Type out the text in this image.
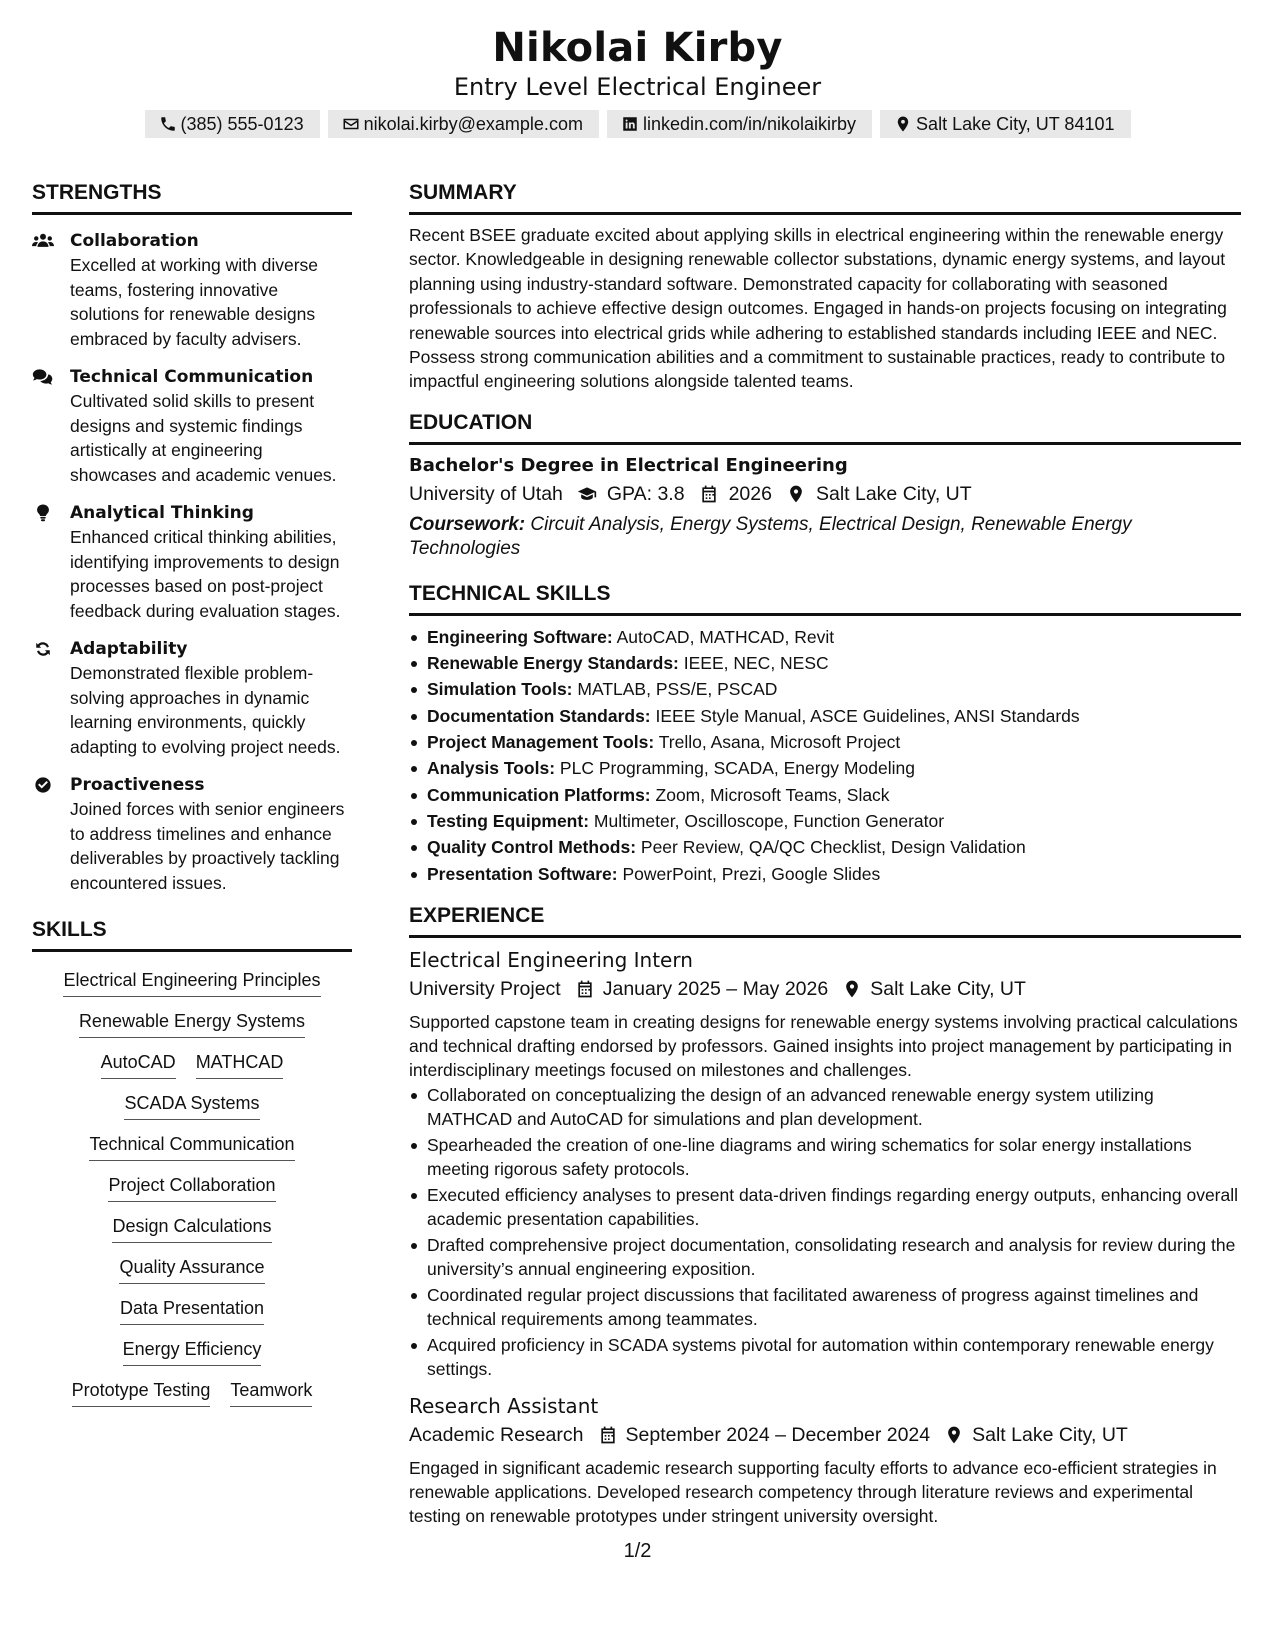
Nikolai Kirby
Entry Level Electrical Engineer
(385) 555-0123	nikolai.kirby@example.com	linkedin.com/in/nikolaikirby	Salt Lake City, UT 84101
STRENGTHS
Collaboration
Excelled at working with diverse teams, fostering innovative solutions for renewable designs embraced by faculty advisers.
Technical Communication
Cultivated solid skills to present designs and systemic findings artistically at engineering showcases and academic venues.
Analytical Thinking
Enhanced critical thinking abilities, identifying improvements to design processes based on post-project feedback during evaluation stages.
Adaptability
Demonstrated flexible problem-solving approaches in dynamic learning environments, quickly adapting to evolving project needs.
Proactiveness
Joined forces with senior engineers to address timelines and enhance deliverables by proactively tackling encountered issues.
SKILLS
Electrical Engineering Principles
Renewable Energy Systems
AutoCAD MATHCAD
SCADA Systems
Technical Communication
Project Collaboration
Design Calculations
Quality Assurance
Data Presentation
Energy Efficiency
Prototype Testing Teamwork
SUMMARY

Recent BSEE graduate excited about applying skills in electrical engineering within the renewable energy sector. Knowledgeable in designing renewable collector substations, dynamic energy systems, and layout planning using industry-standard software. Demonstrated capacity for collaborating with seasoned professionals to achieve effective design outcomes. Engaged in hands-on projects focusing on integrating renewable sources into electrical grids while adhering to established standards including IEEE and NEC. Possess strong communication abilities and a commitment to sustainable practices, ready to contribute to impactful engineering solutions alongside talented teams.

EDUCATION
Bachelor's Degree in Electrical Engineering
University of Utah GPA: 3.8 2026 Salt Lake City, UT
Coursework: Circuit Analysis, Energy Systems, Electrical Design, Renewable Energy Technologies
TECHNICAL SKILLS
Engineering Software: AutoCAD, MATHCAD, Revit
Renewable Energy Standards: IEEE, NEC, NESC
Simulation Tools: MATLAB, PSS/E, PSCAD
Documentation Standards: IEEE Style Manual, ASCE Guidelines, ANSI Standards
Project Management Tools: Trello, Asana, Microsoft Project
Analysis Tools: PLC Programming, SCADA, Energy Modeling
Communication Platforms: Zoom, Microsoft Teams, Slack
Testing Equipment: Multimeter, Oscilloscope, Function Generator
Quality Control Methods: Peer Review, QA/QC Checklist, Design Validation
Presentation Software: PowerPoint, Prezi, Google Slides
EXPERIENCE
Electrical Engineering Intern
University Project January 2025 – May 2026 Salt Lake City, UT

Supported capstone team in creating designs for renewable energy systems involving practical calculations and technical drafting endorsed by professors. Gained insights into project management by participating in interdisciplinary meetings focused on milestones and challenges.

Collaborated on conceptualizing the design of an advanced renewable energy system utilizing MATHCAD and AutoCAD for simulations and plan development.
Spearheaded the creation of one-line diagrams and wiring schematics for solar energy installations meeting rigorous safety protocols.
Executed efficiency analyses to present data-driven findings regarding energy outputs, enhancing overall academic presentation capabilities.
Drafted comprehensive project documentation, consolidating research and analysis for review during the university’s annual engineering exposition.
Coordinated regular project discussions that facilitated awareness of progress against timelines and technical requirements among teammates.
Acquired proficiency in SCADA systems pivotal for automation within contemporary renewable energy settings.
Research Assistant
Academic Research September 2024 – December 2024 Salt Lake City, UT

Engaged in significant academic research supporting faculty efforts to advance eco-efficient strategies in renewable applications. Developed research competency through literature reviews and experimental testing on renewable prototypes under stringent university oversight.

1/2
